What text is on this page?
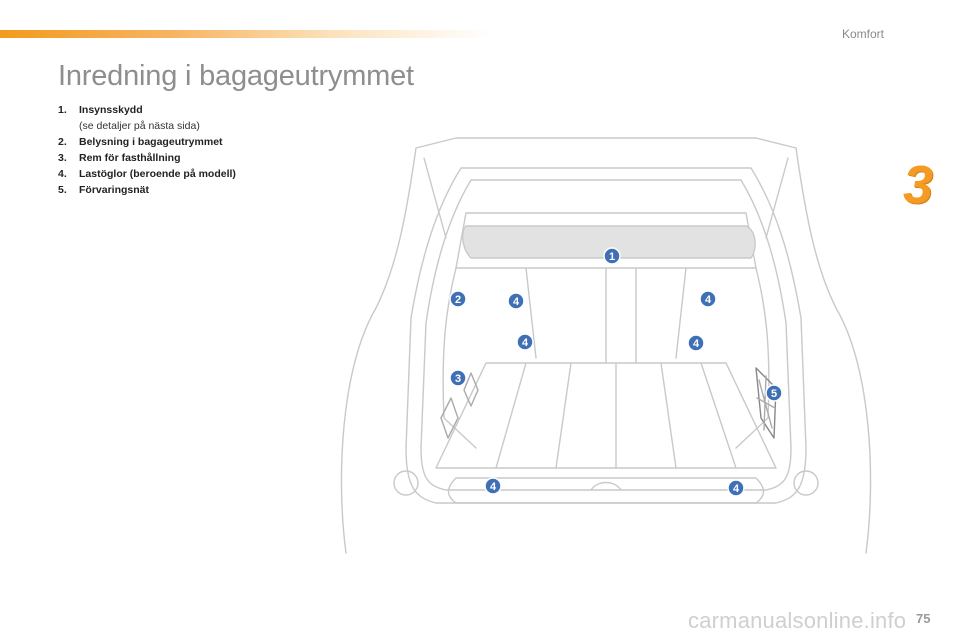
Komfort
3
Inredning i bagageutrymmet
1.	Insynsskydd
(se detaljer på nästa sida)
2.	Belysning i bagageutrymmet
3.	Rem för fasthållning
4.	Lastöglor (beroende på modell)
5.	Förvaringsnät
1
2
3
4
4
4
4
4	4
5
carmanualsonline.info 75
